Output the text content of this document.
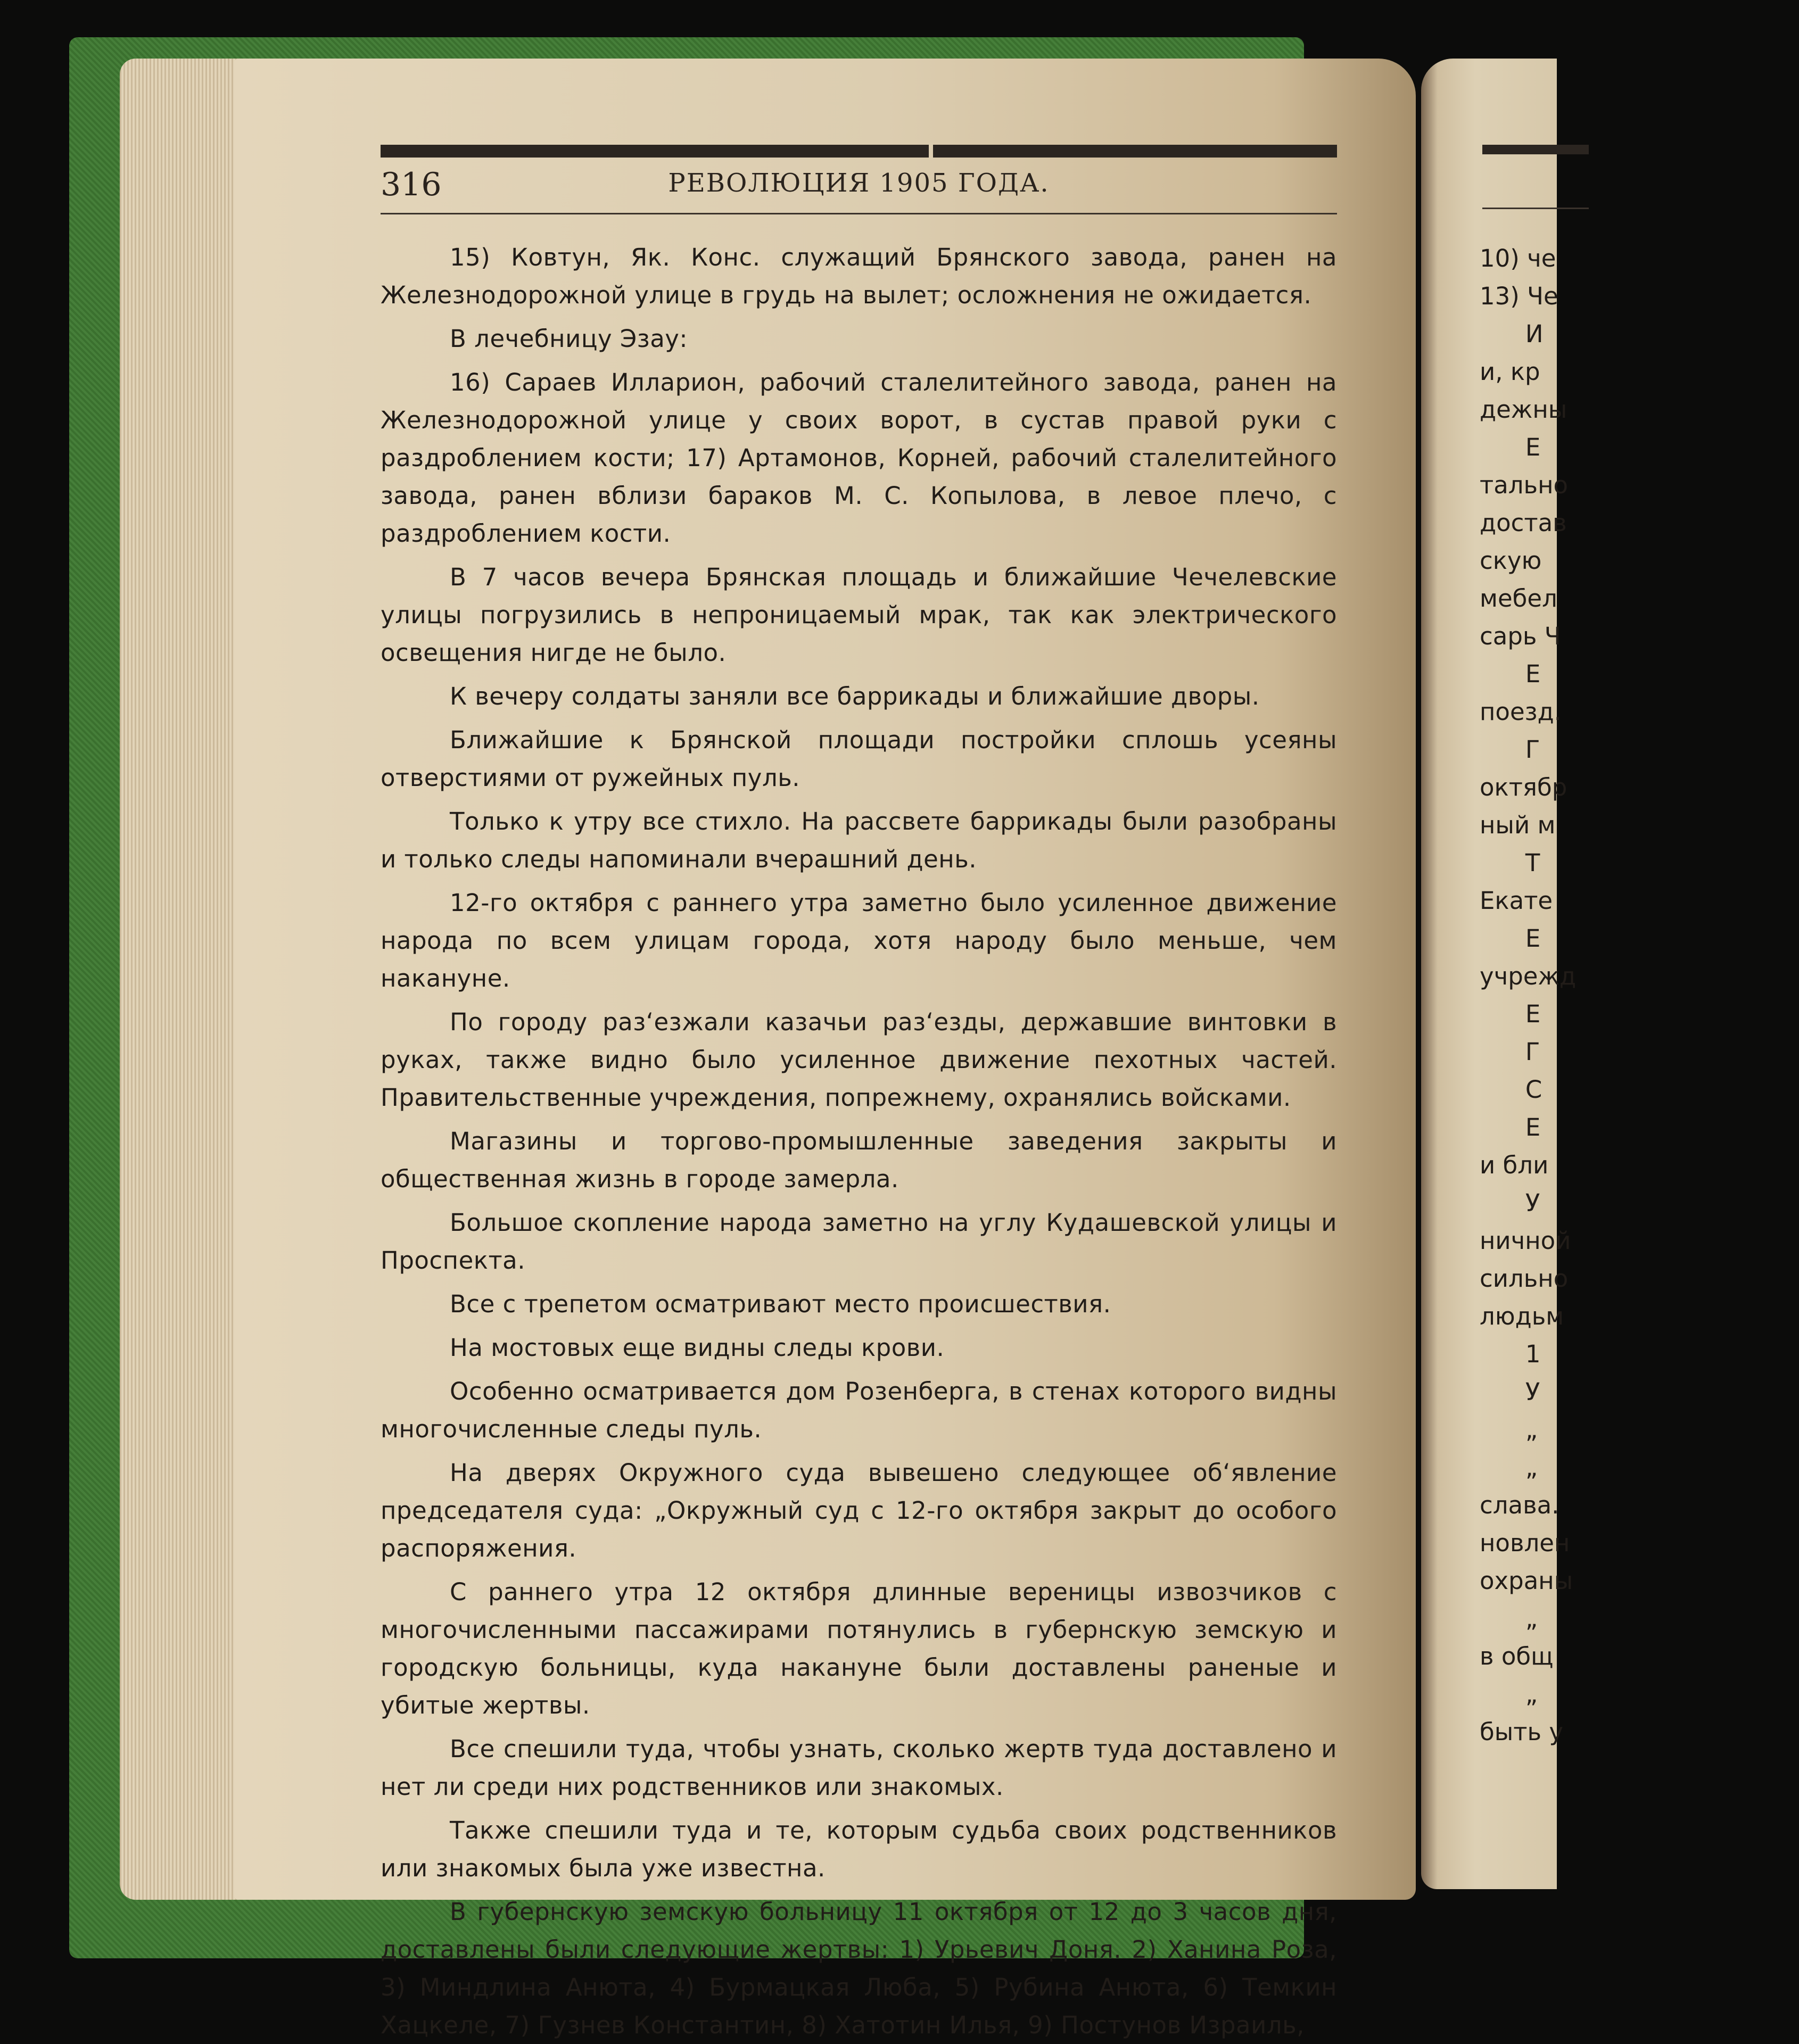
316	РЕВОЛЮЦИЯ 1905 ГОДА.

15) Ковтун, Як. Конс. служащий Брянского завода, ранен на Железнодорожной улице в грудь на вылет; осложнения не ожидается.

В лечебницу Эзау:

16) Сараев Илларион, рабочий сталелитейного завода, ранен на Железнодорожной улице у своих ворот, в сустав правой руки с раздроблением кости; 17) Артамонов, Корней, рабочий сталелитейного завода, ранен вблизи бараков М. С. Копылова, в левое плечо, с раздроблением кости.

В 7 часов вечера Брянская площадь и ближайшие Чечелевские улицы погрузились в непроницаемый мрак, так как электрического освещения нигде не было.

К вечеру солдаты заняли все баррикады и ближайшие дворы.

Ближайшие к Брянской площади постройки сплошь усеяны отверстиями от ружейных пуль.

Только к утру все стихло. На рассвете баррикады были разобраны и только следы напоминали вчерашний день.

12-го октября с раннего утра заметно было усиленное движение народа по всем улицам города, хотя народу было меньше, чем накануне.

По городу раз‘езжали казачьи раз‘езды, державшие винтовки в руках, также видно было усиленное движение пехотных частей. Правительственные учреждения, попрежнему, охранялись войсками.

Магазины и торгово-промышленные заведения закрыты и общественная жизнь в городе замерла.

Большое скопление народа заметно на углу Кудашевской улицы и Проспекта.

Все с трепетом осматривают место происшествия.

На мостовых еще видны следы крови.

Особенно осматривается дом Розенберга, в стенах которого видны многочисленные следы пуль.

На дверях Окружного суда вывешено следующее об‘явление председателя суда: „Окружный суд с 12-го октября закрыт до особого распоряжения.

С раннего утра 12 октября длинные вереницы извозчиков с многочисленными пассажирами потянулись в губернскую земскую и городскую больницы, куда накануне были доставлены раненые и убитые жертвы.

Все спешили туда, чтобы узнать, сколько жертв туда доставлено и нет ли среди них родственников или знакомых.

Также спешили туда и те, которым судьба своих родственников или знакомых была уже известна.

В губернскую земскую больницу 11 октября от 12 до 3 часов дня, доставлены были следующие жертвы: 1) Урьевич Доня. 2) Ханина Роза, 3) Миндлина Анюта, 4) Бурмацкая Люба, 5) Рубина Анюта, 6) Темкин Хацкеле, 7) Гузнев Константин, 8) Хатотин Илья, 9) Постунов Израиль,

10) че

13) Че

И

и, кр

дежны

Е

тально

достав

скую

мебел

сарь Ч

Е

поезд.

Г

октябр

ный м

Т

Екате

Е

учрежд

Е

Г

С

Е

и бли

У

ничной

сильно

людьм

1

У

„

„

слава.

новлен

охраны

„

в общ

„

быть у
